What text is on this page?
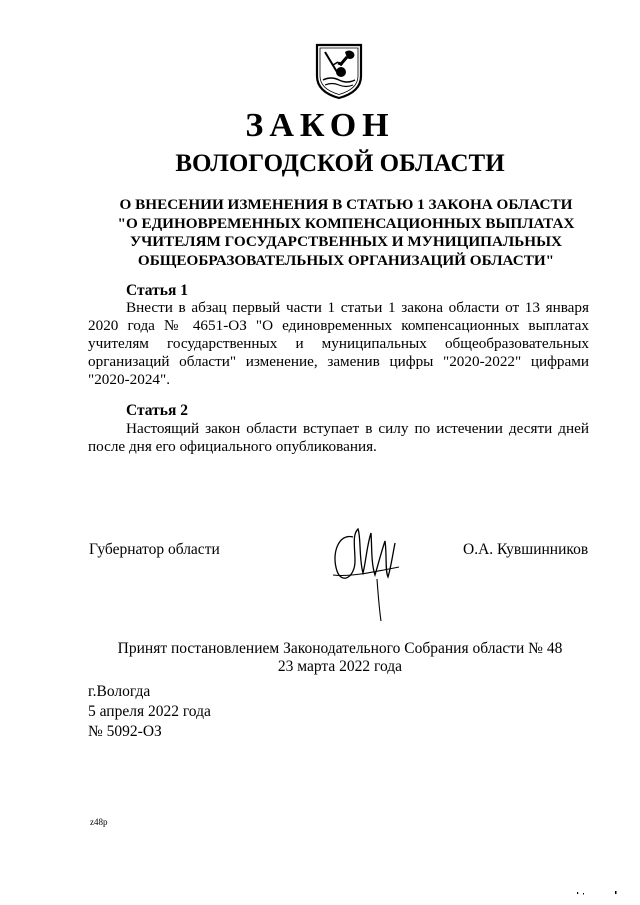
ЗАКОН
ВОЛОГОДСКОЙ ОБЛАСТИ
О ВНЕСЕНИИ ИЗМЕНЕНИЯ В СТАТЬЮ 1 ЗАКОНА ОБЛАСТИ
"О ЕДИНОВРЕМЕННЫХ КОМПЕНСАЦИОННЫХ ВЫПЛАТАХ
УЧИТЕЛЯМ ГОСУДАРСТВЕННЫХ И МУНИЦИПАЛЬНЫХ
ОБЩЕОБРАЗОВАТЕЛЬНЫХ ОРГАНИЗАЦИЙ ОБЛАСТИ"
Статья 1
Внести в абзац первый части 1 статьи 1 закона области от 13 января
2020 года № 4651-ОЗ "О единовременных компенсационных выплатах
учителям государственных и муниципальных общеобразовательных
организаций области" изменение, заменив цифры "2020-2022" цифрами
"2020-2024".
Статья 2
Настоящий закон области вступает в силу по истечении десяти дней
после дня его официального опубликования.
Губернатор области	О.А. Кувшинников
Принят постановлением Законодательного Собрания области № 48
23 марта 2022 года
г.Вологда
5 апреля 2022 года
№ 5092-ОЗ
z48p
